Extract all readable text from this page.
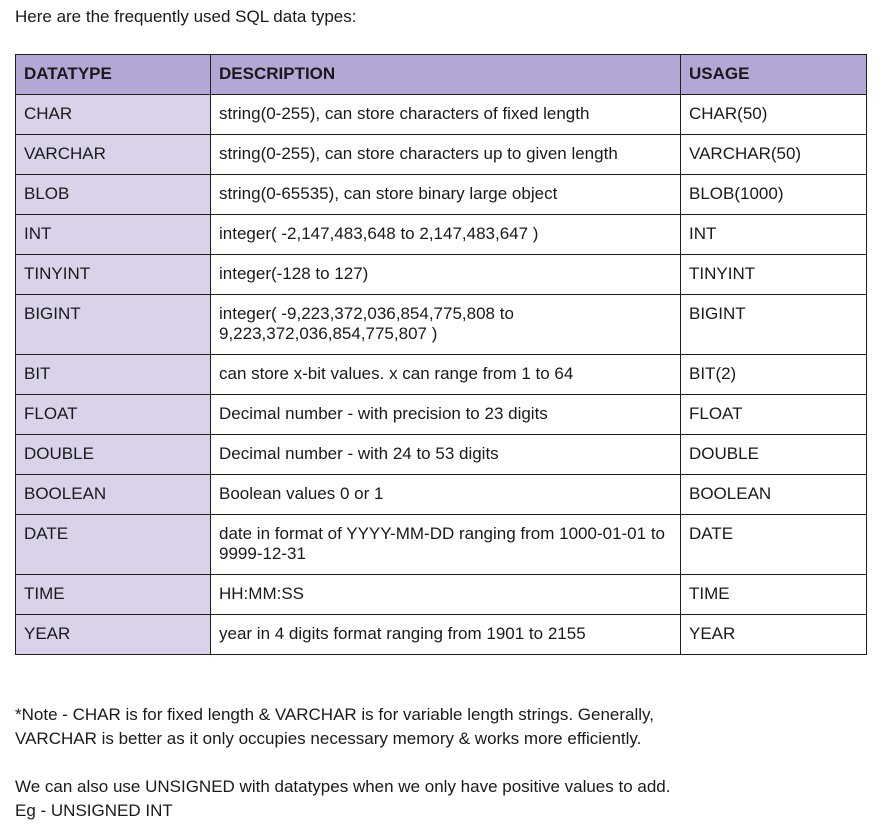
Here are the frequently used SQL data types:
DATATYPE	DESCRIPTION	USAGE
CHAR	string(0-255), can store characters of fixed length	CHAR(50)
VARCHAR	string(0-255), can store characters up to given length	VARCHAR(50)
BLOB	string(0-65535), can store binary large object	BLOB(1000)
INT	integer( -2,147,483,648 to 2,147,483,647 )	INT
TINYINT	integer(-128 to 127)	TINYINT
BIGINT	integer( -9,223,372,036,854,775,808 to 9,223,372,036,854,775,807 )	BIGINT
BIT	can store x-bit values. x can range from 1 to 64	BIT(2)
FLOAT	Decimal number - with precision to 23 digits	FLOAT
DOUBLE	Decimal number - with 24 to 53 digits	DOUBLE
BOOLEAN	Boolean values 0 or 1	BOOLEAN
DATE	date in format of YYYY-MM-DD ranging from 1000-01-01 to 9999-12-31	DATE
TIME	HH:MM:SS	TIME
YEAR	year in 4 digits format ranging from 1901 to 2155	YEAR

*Note - CHAR is for fixed length & VARCHAR is for variable length strings. Generally,

VARCHAR is better as it only occupies necessary memory & works more efficiently.

We can also use UNSIGNED with datatypes when we only have positive values to add.

Eg - UNSIGNED INT
